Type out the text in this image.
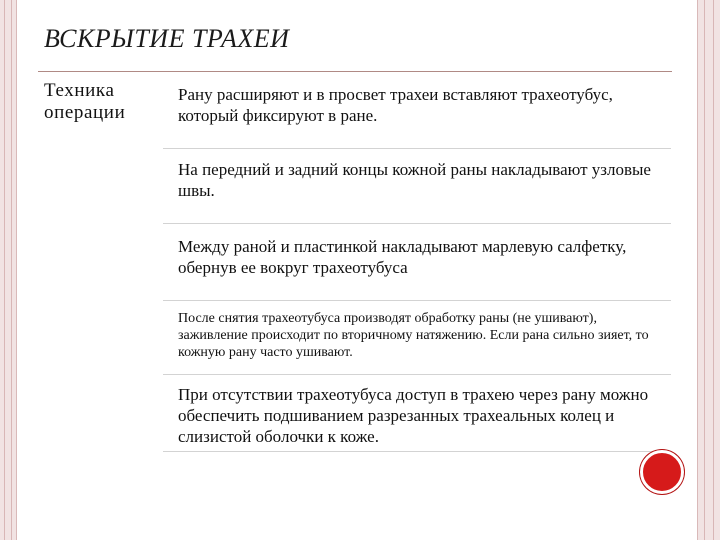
ВСКРЫТИЕ ТРАХЕИ
Техника операции
Рану расширяют и в просвет трахеи вставляют трахеотубус, который фиксируют в ране.
На передний и задний концы кожной раны накладывают узловые швы.
Между раной и пластинкой накладывают марлевую салфетку, обернув ее вокруг трахеотубуса
После снятия трахеотубуса производят обработку раны (не ушивают), заживление происходит по вторичному натяжению. Если рана сильно зияет, то кожную рану часто ушивают.
При отсутствии трахеотубуса доступ в трахею через рану можно обеспечить подшиванием разрезанных трахеальных колец и слизистой оболочки к коже.
